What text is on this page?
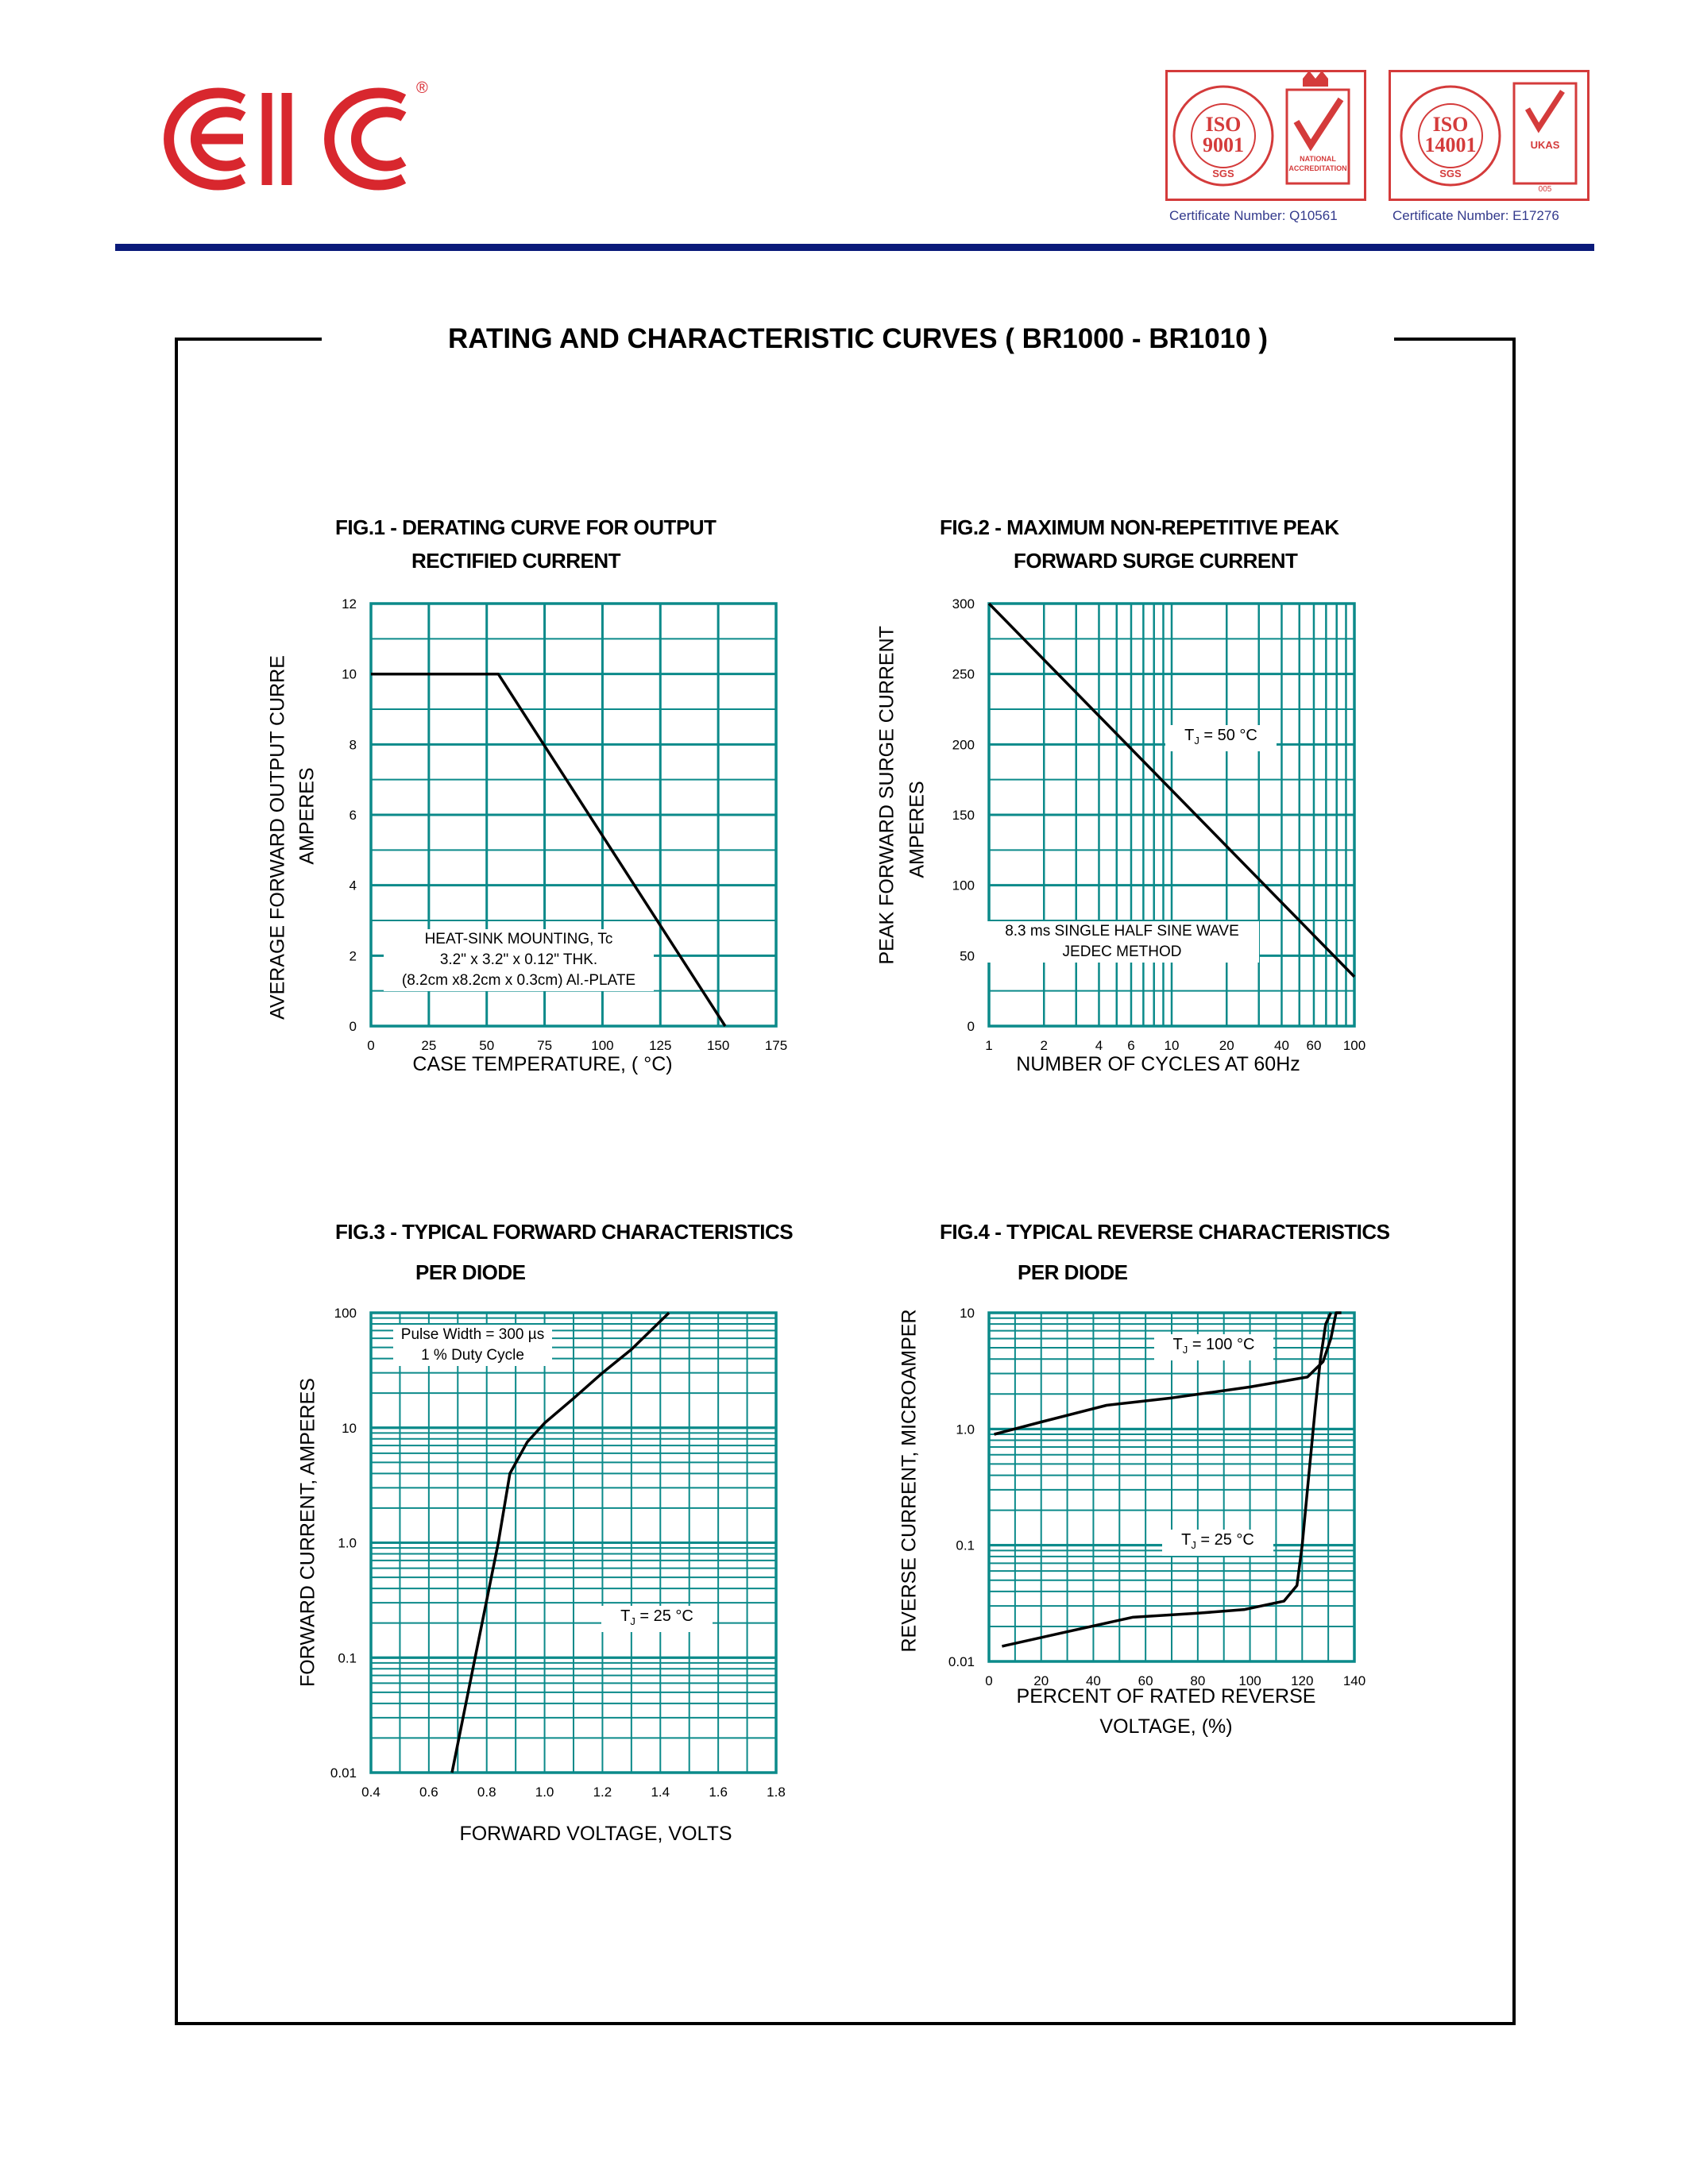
®
ISO
9001
SGS
NATIONAL
ACCREDITATION
Certificate Number: Q10561
ISO
14001
SGS
UKAS
005
Certificate Number: E17276
RATING AND CHARACTERISTIC CURVES ( BR1000 - BR1010 )
FIG.1 - DERATING CURVE FOR OUTPUT
RECTIFIED CURRENT
FIG.2 - MAXIMUM NON-REPETITIVE PEAK
FORWARD SURGE CURRENT
FIG.3 - TYPICAL FORWARD CHARACTERISTICS
PER DIODE
FIG.4 - TYPICAL REVERSE CHARACTERISTICS
PER DIODE
AVERAGE FORWARD OUTPUT CURRE AMPERES	PEAK FORWARD SURGE CURRENT AMPERES
FORWARD CURRENT, AMPERES	REVERSE CURRENT, MICROAMPER
CASE TEMPERATURE, ( °C)	NUMBER OF CYCLES AT 60Hz
FORWARD VOLTAGE, VOLTS
PERCENT OF RATED REVERSE
VOLTAGE, (%)
0	25	50	75	100	125	150	175
0
2
4
6
8
10
12
1	2	4 6 10	20	40 60 100
0
50
100
150
200
250
300
0.4	0.6	0.8	1.0	1.2	1.4	1.6	1.8
0.01
0.1
1.0
10
100
0	20	40	60	80 100 120 140
0.01
0.1
1.0
10
HEAT-SINK MOUNTING, Tc
3.2" x 3.2" x 0.12" THK.
(8.2cm x8.2cm x 0.3cm) Al.-PLATE
$T_J = 50$ °C
8.3 ms SINGLE HALF SINE WAVE
JEDEC METHOD
Pulse Width = 300 µs
1 % Duty Cycle
$T_J = 25$ °C
$T_J = 100$ °C
$T_J = 25$ °C
